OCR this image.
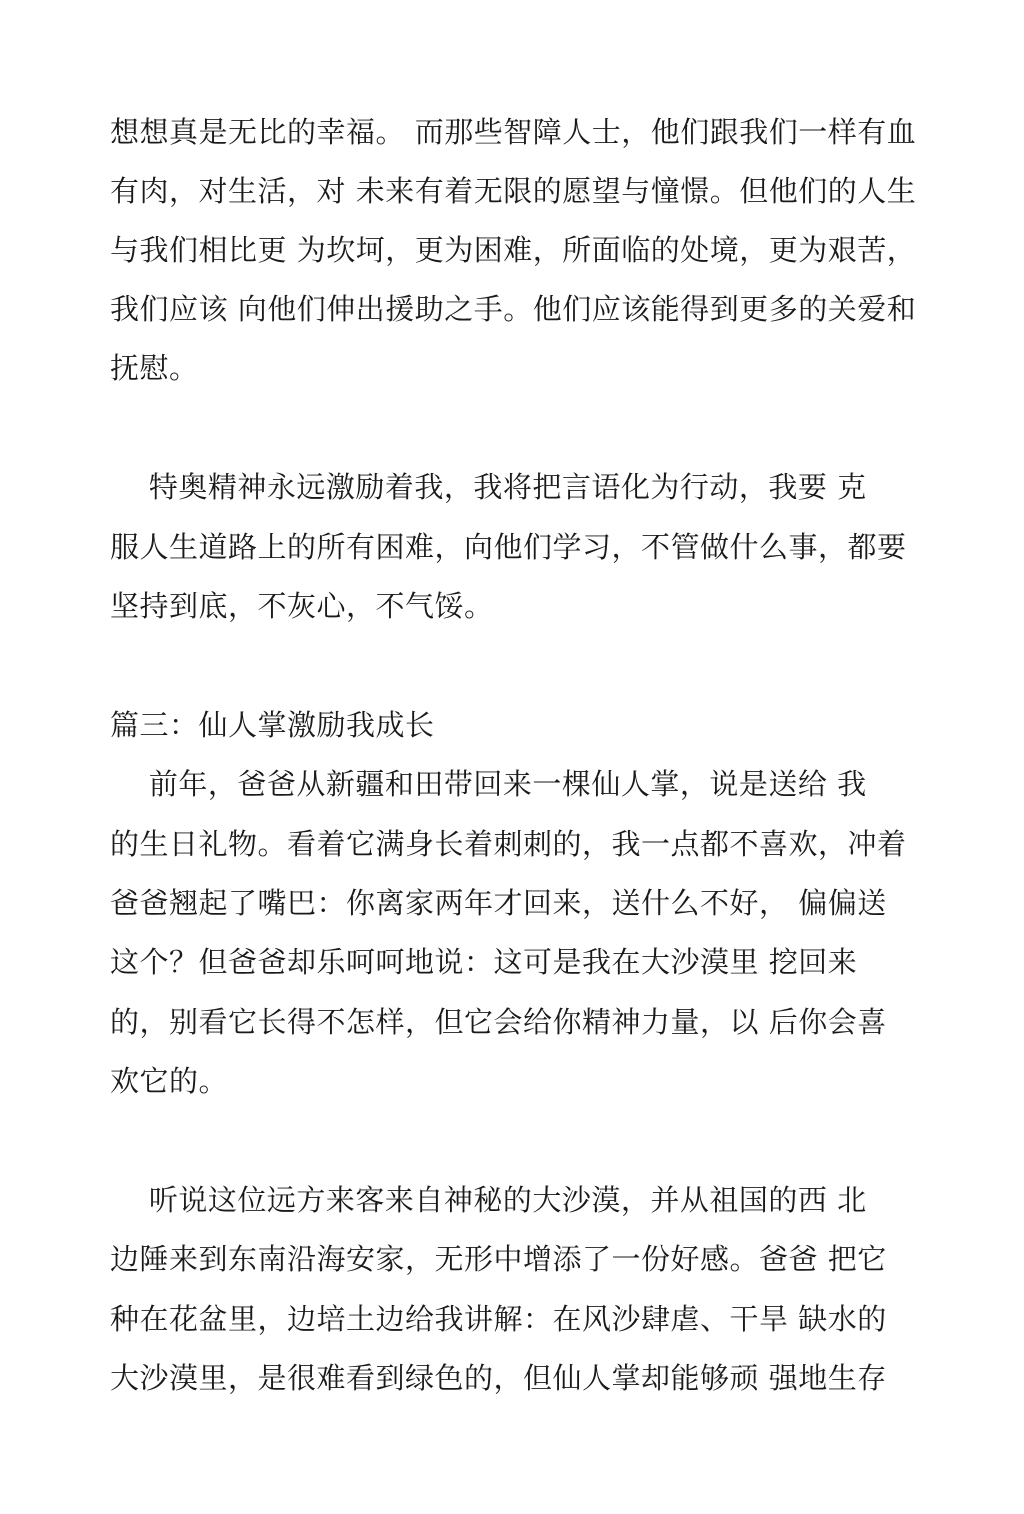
想想真是无比的幸福。 而那些智障人士，他们跟我们一样有血

有肉，对生活，对 未来有着无限的愿望与憧憬。但他们的人生

与我们相比更 为坎坷，更为困难，所面临的处境，更为艰苦，

我们应该 向他们伸出援助之手。他们应该能得到更多的关爱和

抚慰。

特奥精神永远激励着我，我将把言语化为行动，我要 克

服人生道路上的所有困难，向他们学习，不管做什么事，都要

坚持到底，不灰心，不气馁。

篇三：仙人掌激励我成长

前年，爸爸从新疆和田带回来一棵仙人掌，说是送给 我

的生日礼物。看着它满身长着刺刺的，我一点都不喜欢，冲着

爸爸翘起了嘴巴：你离家两年才回来，送什么不好， 偏偏送

这个？但爸爸却乐呵呵地说：这可是我在大沙漠里 挖回来

的，别看它长得不怎样，但它会给你精神力量，以 后你会喜

欢它的。

听说这位远方来客来自神秘的大沙漠，并从祖国的西 北

边陲来到东南沿海安家，无形中增添了一份好感。爸爸 把它

种在花盆里，边培土边给我讲解：在风沙肆虐、干旱 缺水的

大沙漠里，是很难看到绿色的，但仙人掌却能够顽 强地生存
